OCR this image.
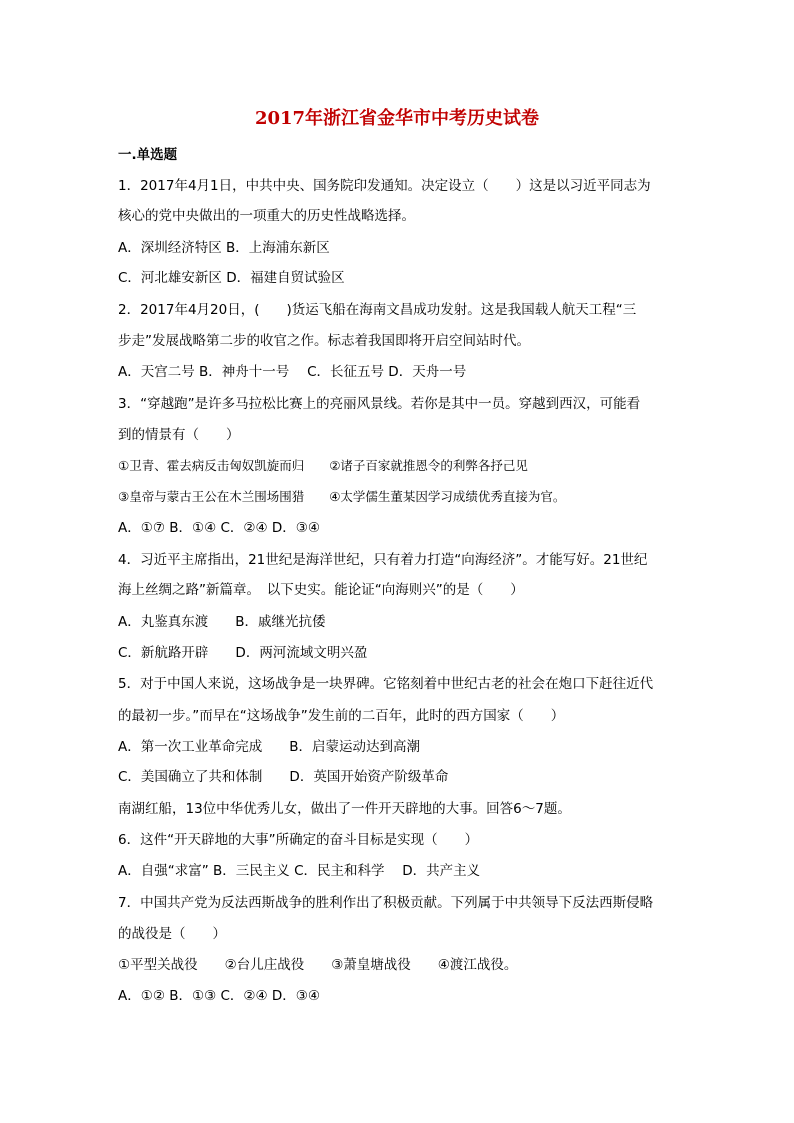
2017年浙江省金华市中考历史试卷
一.单选题
1．2017年4月1日，中共中央、国务院印发通知。决定设立（　　）这是以习近平同志为
核心的党中央做出的一项重大的历史性战略选择。
A．深圳经济特区 B．上海浦东新区
C．河北雄安新区 D．福建自贸试验区
2．2017年4月20日，(　　)货运飞船在海南文昌成功发射。这是我国载人航天工程“三
步走”发展战略第二步的收官之作。标志着我国即将开启空间站时代。
A．天宫二号 B．神舟十一号　 C．长征五号 D．天舟一号
3．“穿越跑”是许多马拉松比赛上的亮丽风景线。若你是其中一员。穿越到西汉，可能看
到的情景有（　　）
①卫青、霍去病反击匈奴凯旋而归　　②诸子百家就推恩令的利弊各抒己见
③皇帝与蒙古王公在木兰围场围猎　　④太学儒生董某因学习成绩优秀直接为官。
A．①⑦ B．①④ C．②④ D．③④
4．习近平主席指出，21世纪是海洋世纪，只有着力打造“向海经济”。才能写好。21世纪
海上丝绸之路”新篇章。　以下史实。能论证“向海则兴”的是（　　）
A．丸鉴真东渡　　B．戚继光抗倭
C．新航路开辟　　D．两河流域文明兴盈
5．对于中国人来说，这场战争是一块界碑。它铭刻着中世纪古老的社会在炮口下赶往近代
的最初一步。”而早在“这场战争”发生前的二百年，此时的西方国家（　　）
A．第一次工业革命完成　　B．启蒙运动达到高潮
C．美国确立了共和体制　　D．英国开始资产阶级革命
南湖红船，13位中华优秀儿女，做出了一件开天辟地的大事。回答6～7题。
6．这件“开天辟地的大事”所确定的奋斗目标是实现（　　）
A．自强“求富” B．三民主义 C．民主和科学　 D．共产主义
7．中国共产党为反法西斯战争的胜利作出了积极贡献。下列属于中共领导下反法西斯侵略
的战役是（　　）
①平型关战役　　②台儿庄战役　　③萧皇塘战役　　④渡江战役。
A．①② B．①③ C．②④ D．③④
